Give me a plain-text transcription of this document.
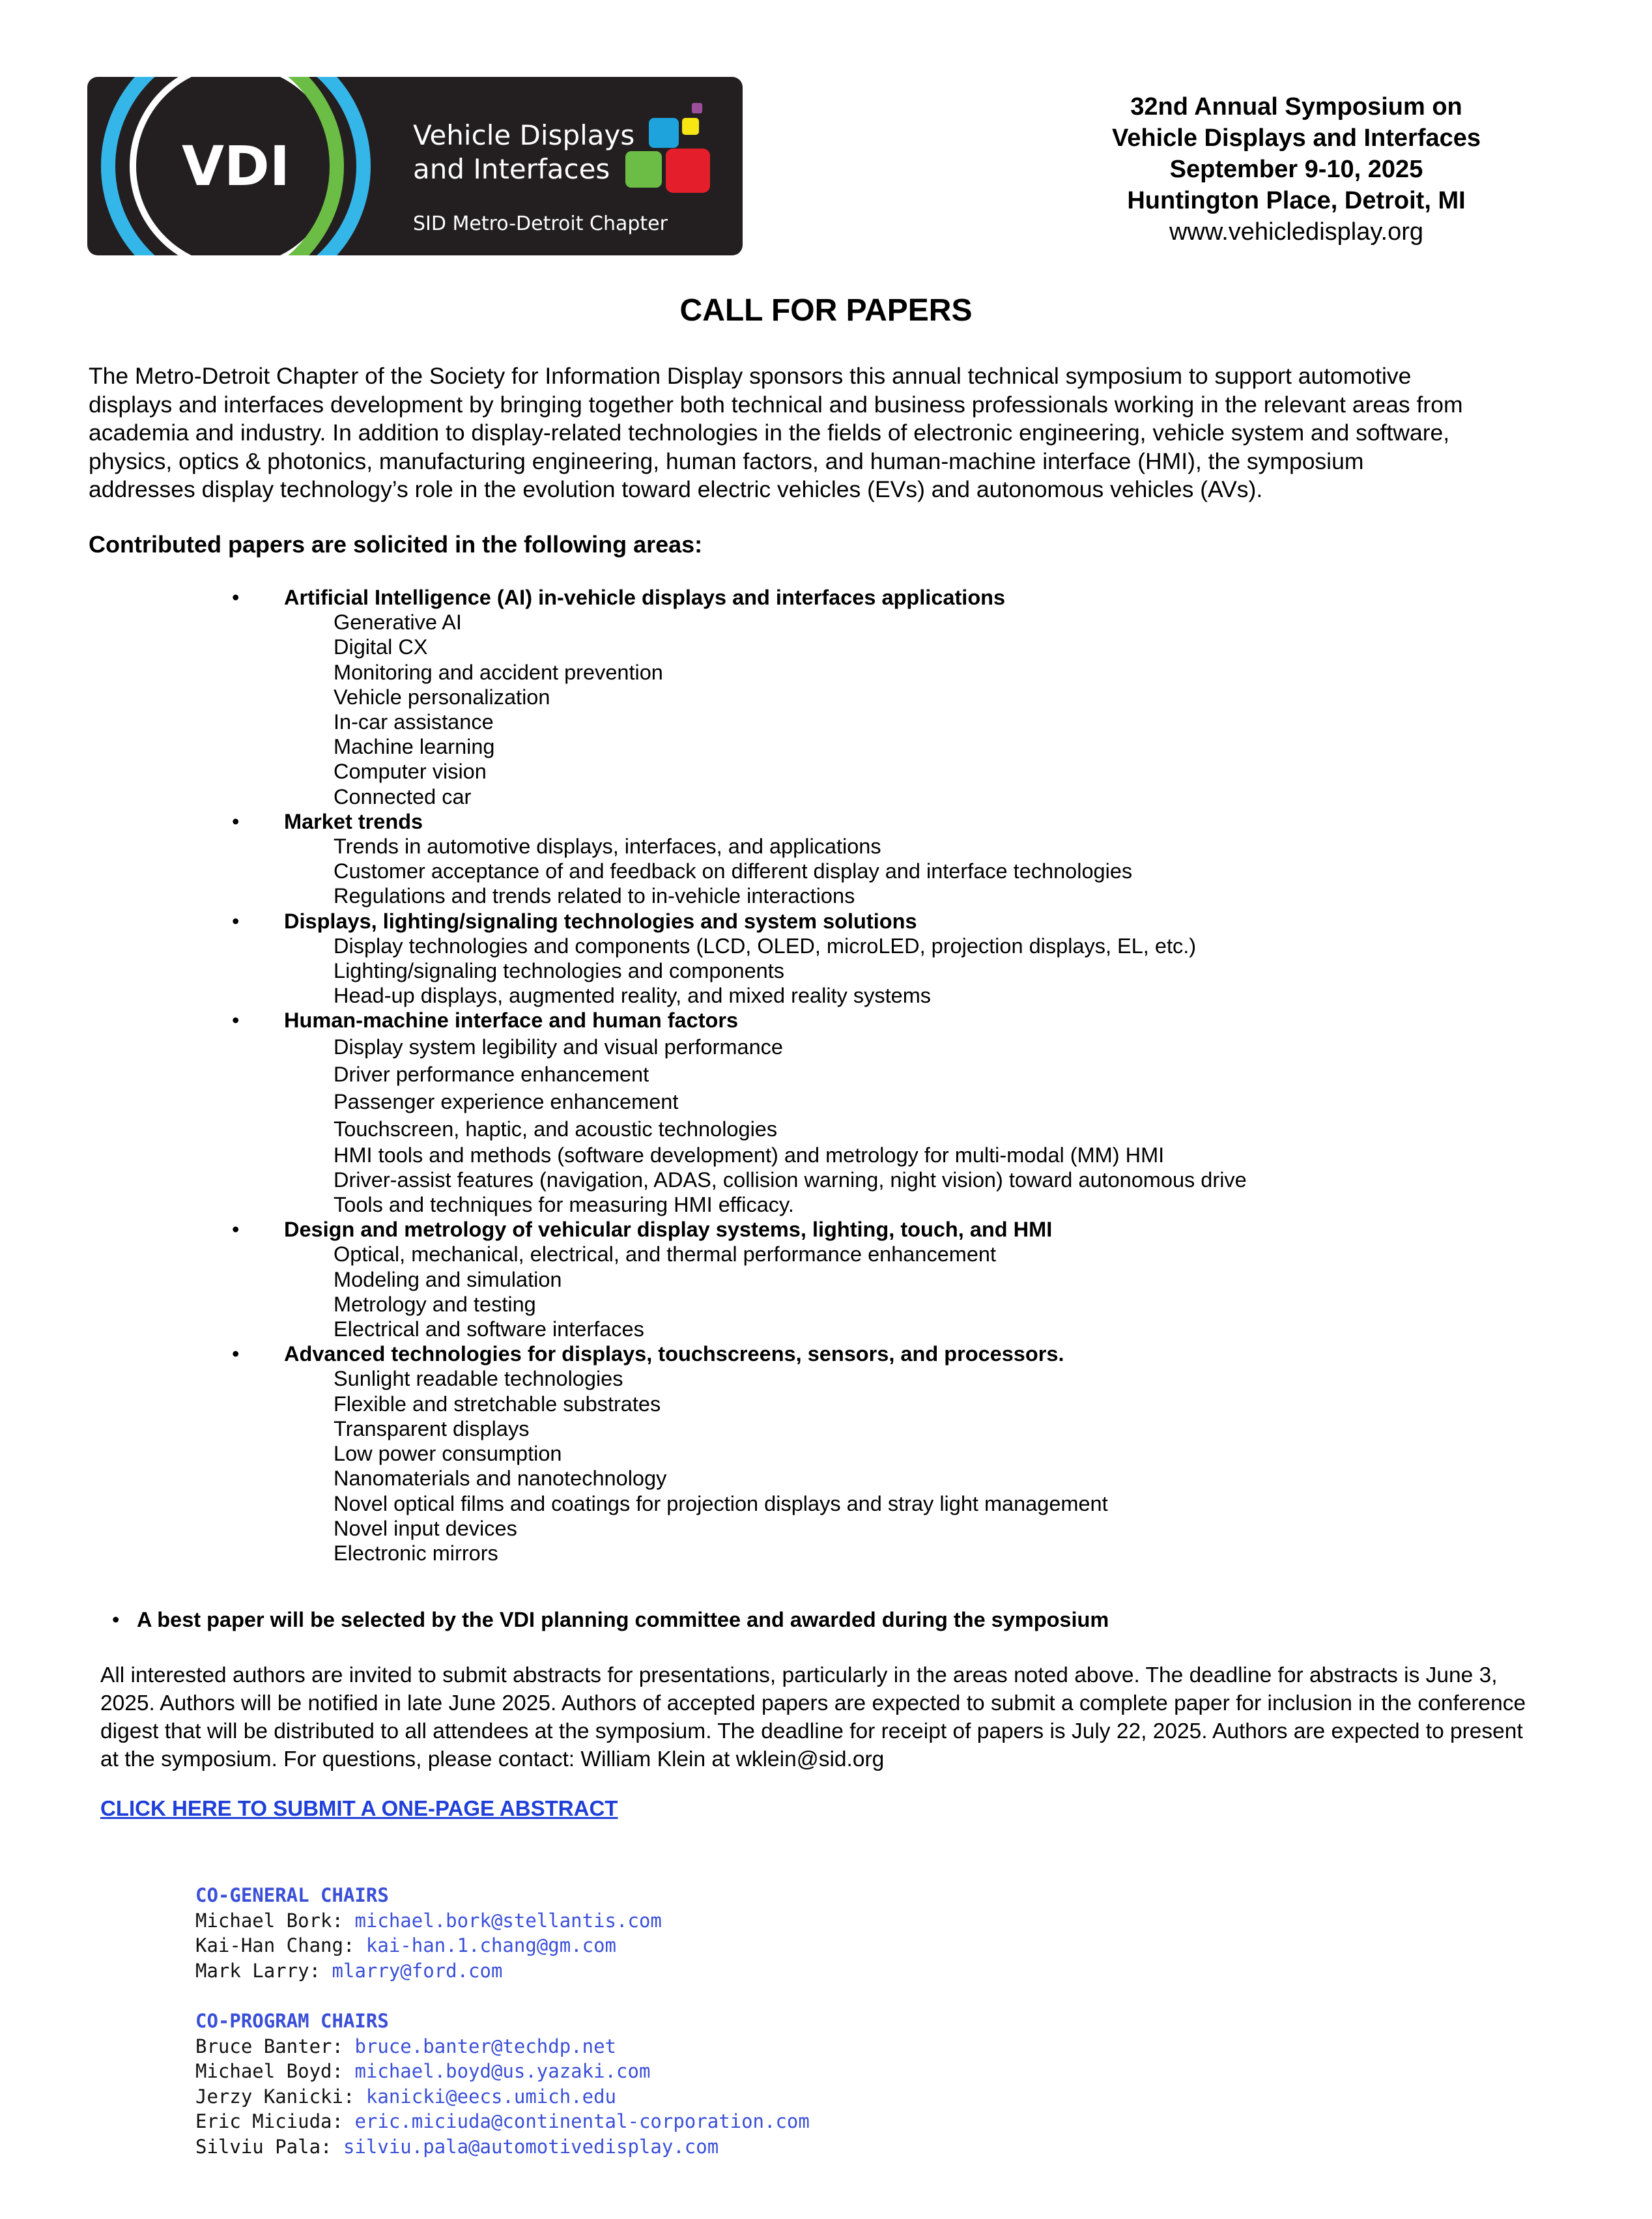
VDI	Vehicle Displays
and Interfaces
SID Metro-Detroit Chapter
32nd Annual Symposium on
Vehicle Displays and Interfaces
September 9-10, 2025
Huntington Place, Detroit, MI
www.vehicledisplay.org
CALL FOR PAPERS

The Metro-Detroit Chapter of the Society for Information Display sponsors this annual technical symposium to support automotive
displays and interfaces development by bringing together both technical and business professionals working in the relevant areas from
academia and industry. In addition to display-related technologies in the fields of electronic engineering, vehicle system and software,
physics, optics & photonics, manufacturing engineering, human factors, and human-machine interface (HMI), the symposium
addresses display technology’s role in the evolution toward electric vehicles (EVs) and autonomous vehicles (AVs).

Contributed papers are solicited in the following areas:
• Artificial Intelligence (AI) in-vehicle displays and interfaces applications
Generative AI
Digital CX
Monitoring and accident prevention
Vehicle personalization
In-car assistance
Machine learning
Computer vision
Connected car
• Market trends
Trends in automotive displays, interfaces, and applications
Customer acceptance of and feedback on different display and interface technologies
Regulations and trends related to in-vehicle interactions
• Displays, lighting/signaling technologies and system solutions
Display technologies and components (LCD, OLED, microLED, projection displays, EL, etc.)
Lighting/signaling technologies and components
Head-up displays, augmented reality, and mixed reality systems
• Human-machine interface and human factors
Display system legibility and visual performance
Driver performance enhancement
Passenger experience enhancement
Touchscreen, haptic, and acoustic technologies
HMI tools and methods (software development) and metrology for multi-modal (MM) HMI
Driver-assist features (navigation, ADAS, collision warning, night vision) toward autonomous drive
Tools and techniques for measuring HMI efficacy.
• Design and metrology of vehicular display systems, lighting, touch, and HMI
Optical, mechanical, electrical, and thermal performance enhancement
Modeling and simulation
Metrology and testing
Electrical and software interfaces
• Advanced technologies for displays, touchscreens, sensors, and processors.
Sunlight readable technologies
Flexible and stretchable substrates
Transparent displays
Low power consumption
Nanomaterials and nanotechnology
Novel optical films and coatings for projection displays and stray light management
Novel input devices
Electronic mirrors
• A best paper will be selected by the VDI planning committee and awarded during the symposium
All interested authors are invited to submit abstracts for presentations, particularly in the areas noted above. The deadline for abstracts is June 3,
2025. Authors will be notified in late June 2025. Authors of accepted papers are expected to submit a complete paper for inclusion in the conference
digest that will be distributed to all attendees at the symposium. The deadline for receipt of papers is July 22, 2025. Authors are expected to present
at the symposium. For questions, please contact: William Klein at wklein@sid.org
CLICK HERE TO SUBMIT A ONE-PAGE ABSTRACT
CO-GENERAL CHAIRS
Michael Bork: michael.bork@stellantis.com
Kai-Han Chang: kai-han.1.chang@gm.com
Mark Larry: mlarry@ford.com
CO-PROGRAM CHAIRS
Bruce Banter: bruce.banter@techdp.net
Michael Boyd: michael.boyd@us.yazaki.com
Jerzy Kanicki: kanicki@eecs.umich.edu
Eric Miciuda: eric.miciuda@continental-corporation.com
Silviu Pala: silviu.pala@automotivedisplay.com
